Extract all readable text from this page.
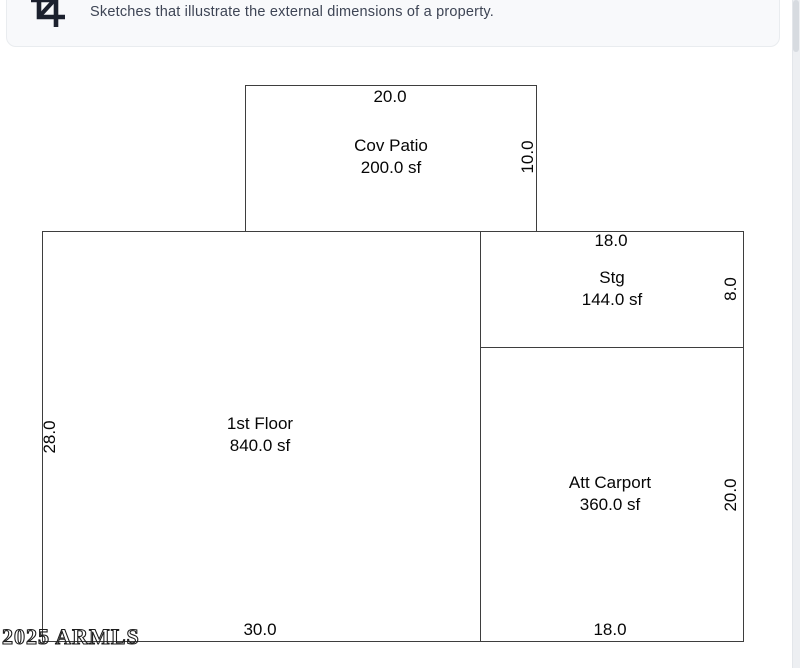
Sketches that illustrate the external dimensions of a property.
20.0
Cov Patio
200.0 sf	10.0
18.0
Stg
144.0 sf	8.0
28.0	1st Floor
840.0 sf
30.0
Att Carport
360.0 sf	20.0
18.0
2025 ARMLS
